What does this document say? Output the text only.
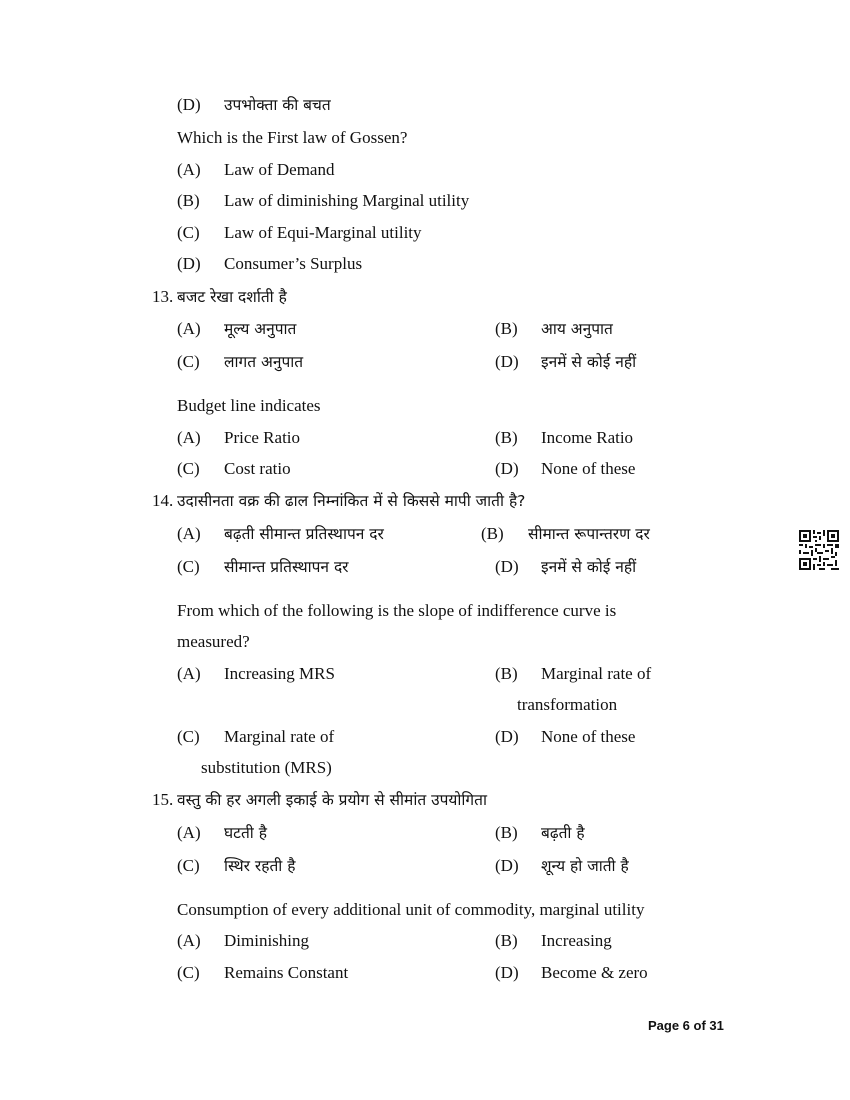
(D) उपभोक्ता की बचत
Which is the First law of Gossen?
(A) Law of Demand
(B) Law of diminishing Marginal utility
(C) Law of Equi-Marginal utility
(D) Consumer’s Surplus
13. बजट रेखा दर्शाती है
(A) मूल्य अनुपात	(B) आय अनुपात
(C) लागत अनुपात	(D) इनमें से कोई नहीं
Budget line indicates
(A) Price Ratio	(B) Income Ratio
(C) Cost ratio	(D) None of these
14. उदासीनता वक्र की ढाल निम्नांकित में से किससे मापी जाती है?
(A) बढ़ती सीमान्त प्रतिस्थापन दर	(B) सीमान्त रूपान्तरण दर
(C) सीमान्त प्रतिस्थापन दर	(D) इनमें से कोई नहीं
From which of the following is the slope of indifference curve is
measured?
(A) Increasing MRS	(B) Marginal rate of
transformation
(C) Marginal rate of	(D) None of these
substitution (MRS)
15. वस्तु की हर अगली इकाई के प्रयोग से सीमांत उपयोगिता
(A) घटती है	(B) बढ़ती है
(C) स्थिर रहती है	(D) शून्य हो जाती है
Consumption of every additional unit of commodity, marginal utility
(A) Diminishing	(B) Increasing
(C) Remains Constant	(D) Become & zero
Page 6 of 31
